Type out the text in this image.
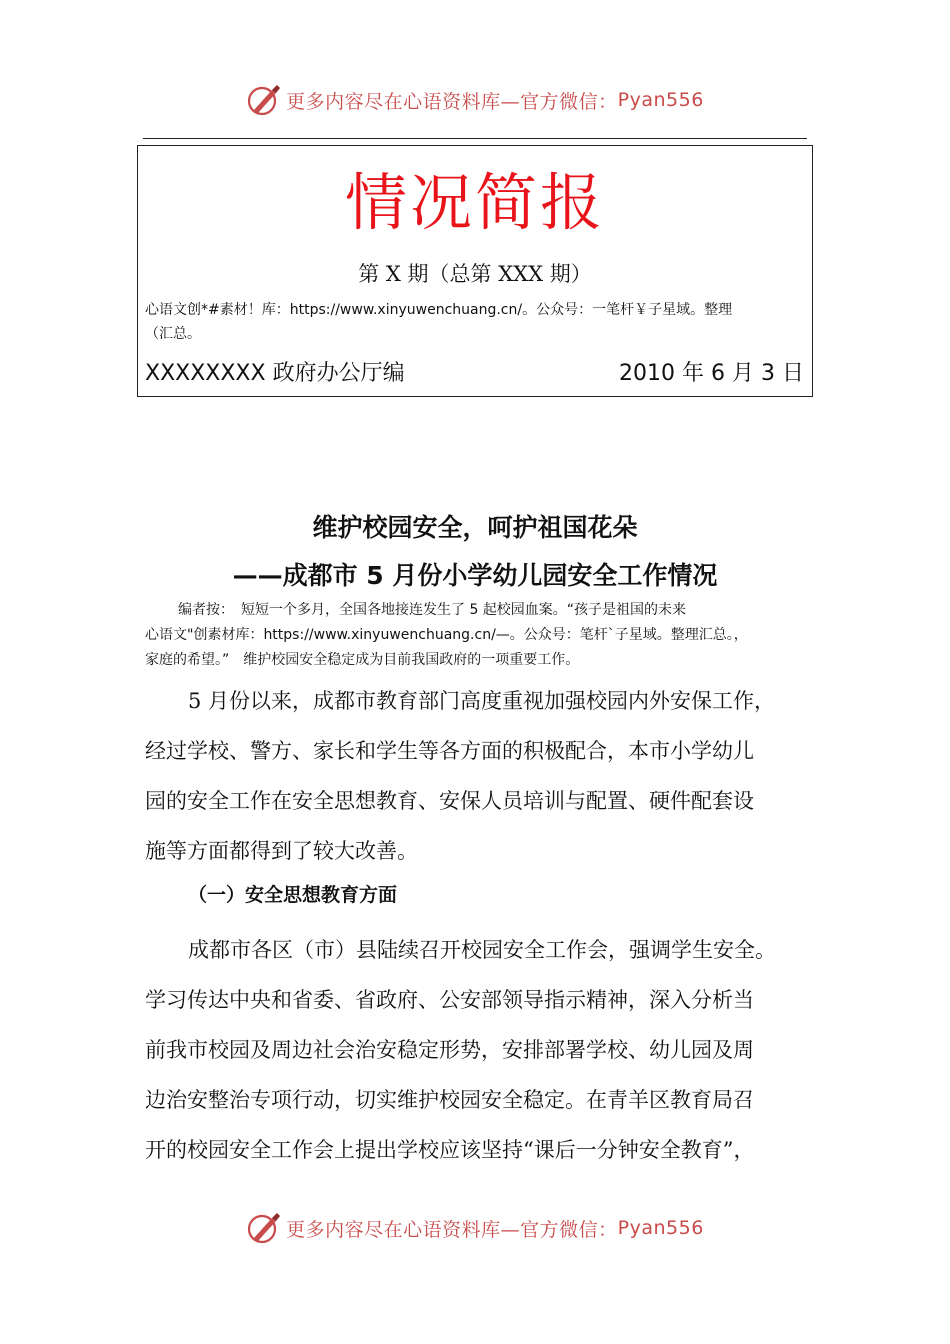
更多内容尽在心语资料库—官方微信： Pyan556
情况简报
第 X 期（总第 XXX 期）
心语文创*#素材！库：https://www.xinyuwenchuang.cn/。公众号：一笔杆￥子星域。整理
（汇总。
XXXXXXXX 政府办公厅编	2010 年 6 月 3 日
维护校园安全，呵护祖国花朵
——成都市 5 月份小学幼儿园安全工作情况
编者按：　短短一个多月，全国各地接连发生了 5 起校园血案。“孩子是祖国的未来
心语文"创素材库：https://www.xinyuwenchuang.cn/—。公众号：笔杆`子星域。整理汇总。，
家庭的希望。”　维护校园安全稳定成为目前我国政府的一项重要工作。
5 月份以来，成都市教育部门高度重视加强校园内外安保工作，
经过学校、警方、家长和学生等各方面的积极配合，本市小学幼儿
园的安全工作在安全思想教育、安保人员培训与配置、硬件配套设
施等方面都得到了较大改善。
（一）安全思想教育方面
成都市各区（市）县陆续召开校园安全工作会，强调学生安全。
学习传达中央和省委、省政府、公安部领导指示精神，深入分析当
前我市校园及周边社会治安稳定形势，安排部署学校、幼儿园及周
边治安整治专项行动，切实维护校园安全稳定。在青羊区教育局召
开的校园安全工作会上提出学校应该坚持“课后一分钟安全教育”，
更多内容尽在心语资料库—官方微信： Pyan556
